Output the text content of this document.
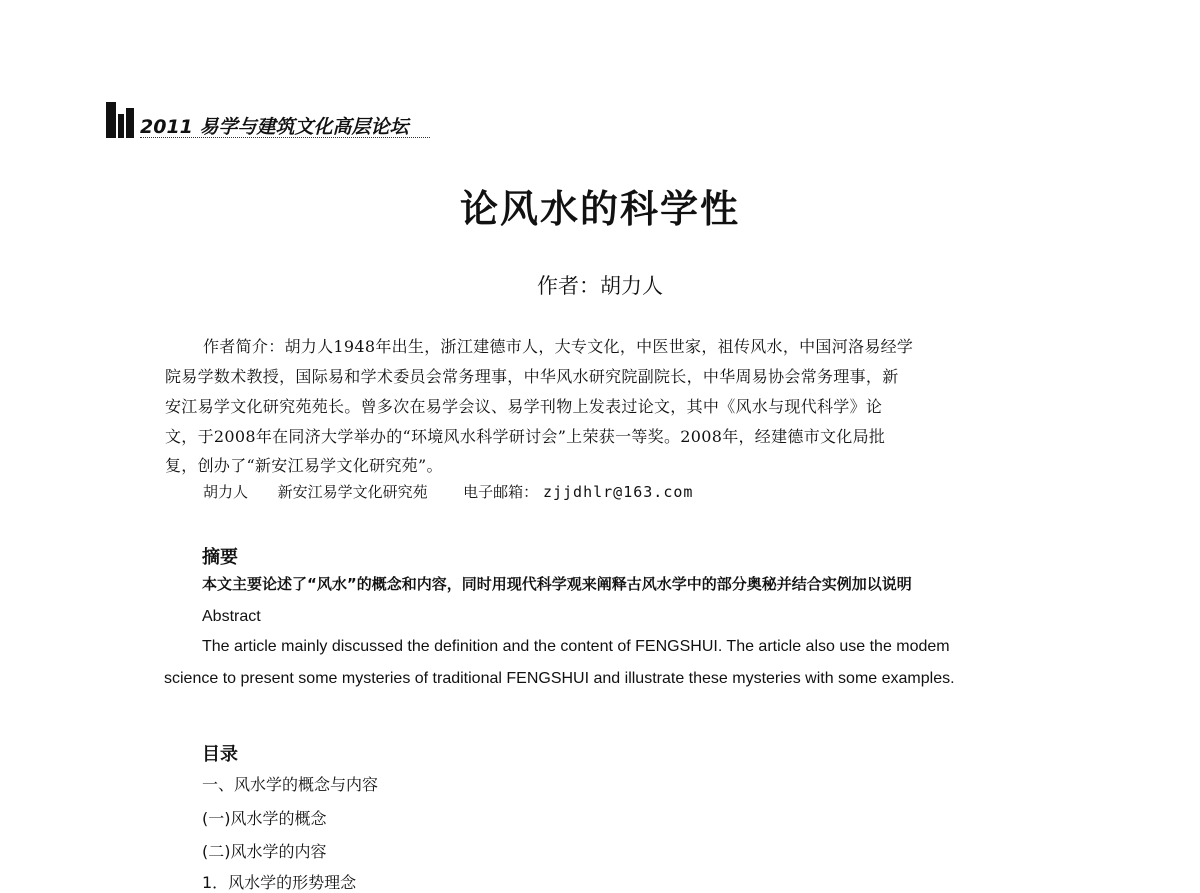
2011 易学与建筑文化高层论坛
论风水的科学性
作者：胡力人
作者简介：胡力人1948年出生，浙江建德市人，大专文化，中医世家，祖传风水，中国河洛易经学
院易学数术教授，国际易和学术委员会常务理事，中华风水研究院副院长，中华周易协会常务理事，新
安江易学文化研究苑苑长。曾多次在易学会议、易学刊物上发表过论文，其中《风水与现代科学》论
文，于2008年在同济大学举办的“环境风水科学研讨会”上荣获一等奖。2008年，经建德市文化局批
复，创办了“新安江易学文化研究苑”。
胡力人 新安江易学文化研究苑 电子邮箱： zjjdhlr@163.com
摘要
本文主要论述了“风水”的概念和内容，同时用现代科学观来阐释古风水学中的部分奥秘并结合实例加以说明
Abstract
The article mainly discussed the definition and the content of FENGSHUI. The article also use the modem
science to present some mysteries of traditional FENGSHUI and illustrate these mysteries with some examples.
目录
一、风水学的概念与内容
(一)风水学的概念
(二)风水学的内容
1．风水学的形势理念
